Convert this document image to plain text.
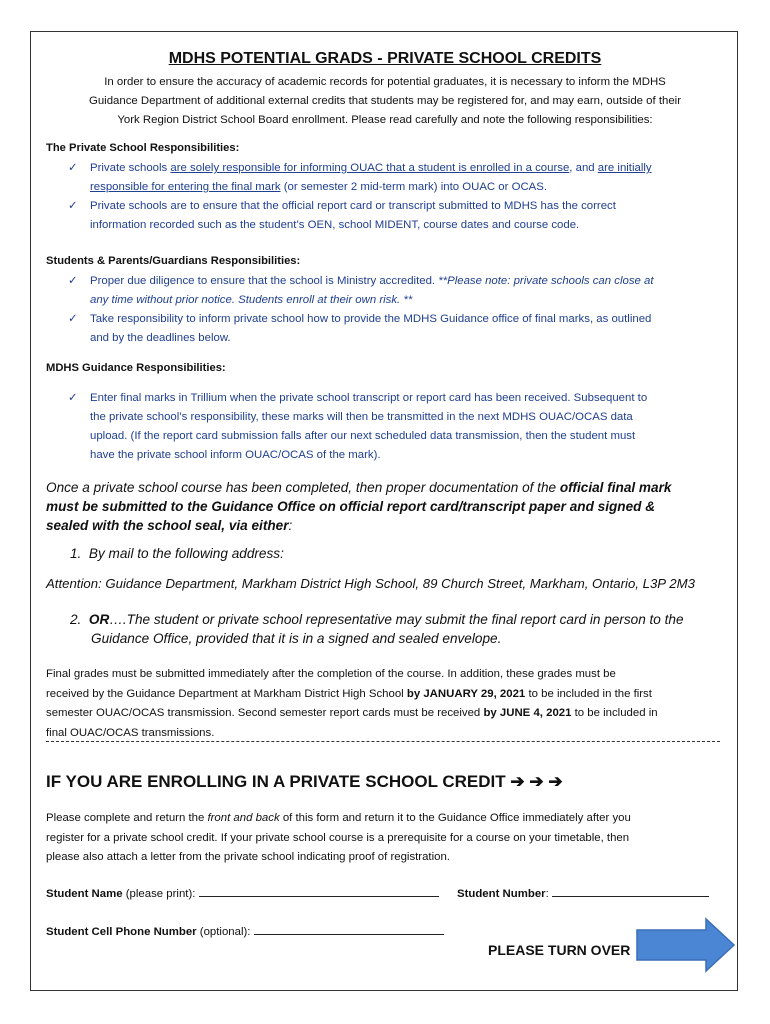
MDHS POTENTIAL GRADS - PRIVATE SCHOOL CREDITS
In order to ensure the accuracy of academic records for potential graduates, it is necessary to inform the MDHS
Guidance Department of additional external credits that students may be registered for, and may earn, outside of their
York Region District School Board enrollment. Please read carefully and note the following responsibilities:
The Private School Responsibilities:
✓	Private schools are solely responsible for informing OUAC that a student is enrolled in a course, and are initially
responsible for entering the final mark (or semester 2 mid-term mark) into OUAC or OCAS.
✓	Private schools are to ensure that the official report card or transcript submitted to MDHS has the correct
information recorded such as the student’s OEN, school MIDENT, course dates and course code.
Students & Parents/Guardians Responsibilities:
✓	Proper due diligence to ensure that the school is Ministry accredited. **Please note: private schools can close at
any time without prior notice. Students enroll at their own risk. **
✓	Take responsibility to inform private school how to provide the MDHS Guidance office of final marks, as outlined
and by the deadlines below.
MDHS Guidance Responsibilities:
✓	Enter final marks in Trillium when the private school transcript or report card has been received. Subsequent to
the private school’s responsibility, these marks will then be transmitted in the next MDHS OUAC/OCAS data
upload. (If the report card submission falls after our next scheduled data transmission, then the student must
have the private school inform OUAC/OCAS of the mark).
Once a private school course has been completed, then proper documentation of the official final mark
must be submitted to the Guidance Office on official report card/transcript paper and signed &
sealed with the school seal, via either:
1. By mail to the following address:
Attention: Guidance Department, Markham District High School, 89 Church Street, Markham, Ontario, L3P 2M3
2. OR….The student or private school representative may submit the final report card in person to the
Guidance Office, provided that it is in a signed and sealed envelope.
Final grades must be submitted immediately after the completion of the course. In addition, these grades must be
received by the Guidance Department at Markham District High School by JANUARY 29, 2021 to be included in the first
semester OUAC/OCAS transmission. Second semester report cards must be received by JUNE 4, 2021 to be included in
final OUAC/OCAS transmissions.
IF YOU ARE ENROLLING IN A PRIVATE SCHOOL CREDIT ➔ ➔ ➔
Please complete and return the front and back of this form and return it to the Guidance Office immediately after you
register for a private school credit. If your private school course is a prerequisite for a course on your timetable, then
please also attach a letter from the private school indicating proof of registration.
Student Name (please print):	Student Number:
Student Cell Phone Number (optional):
PLEASE TURN OVER
